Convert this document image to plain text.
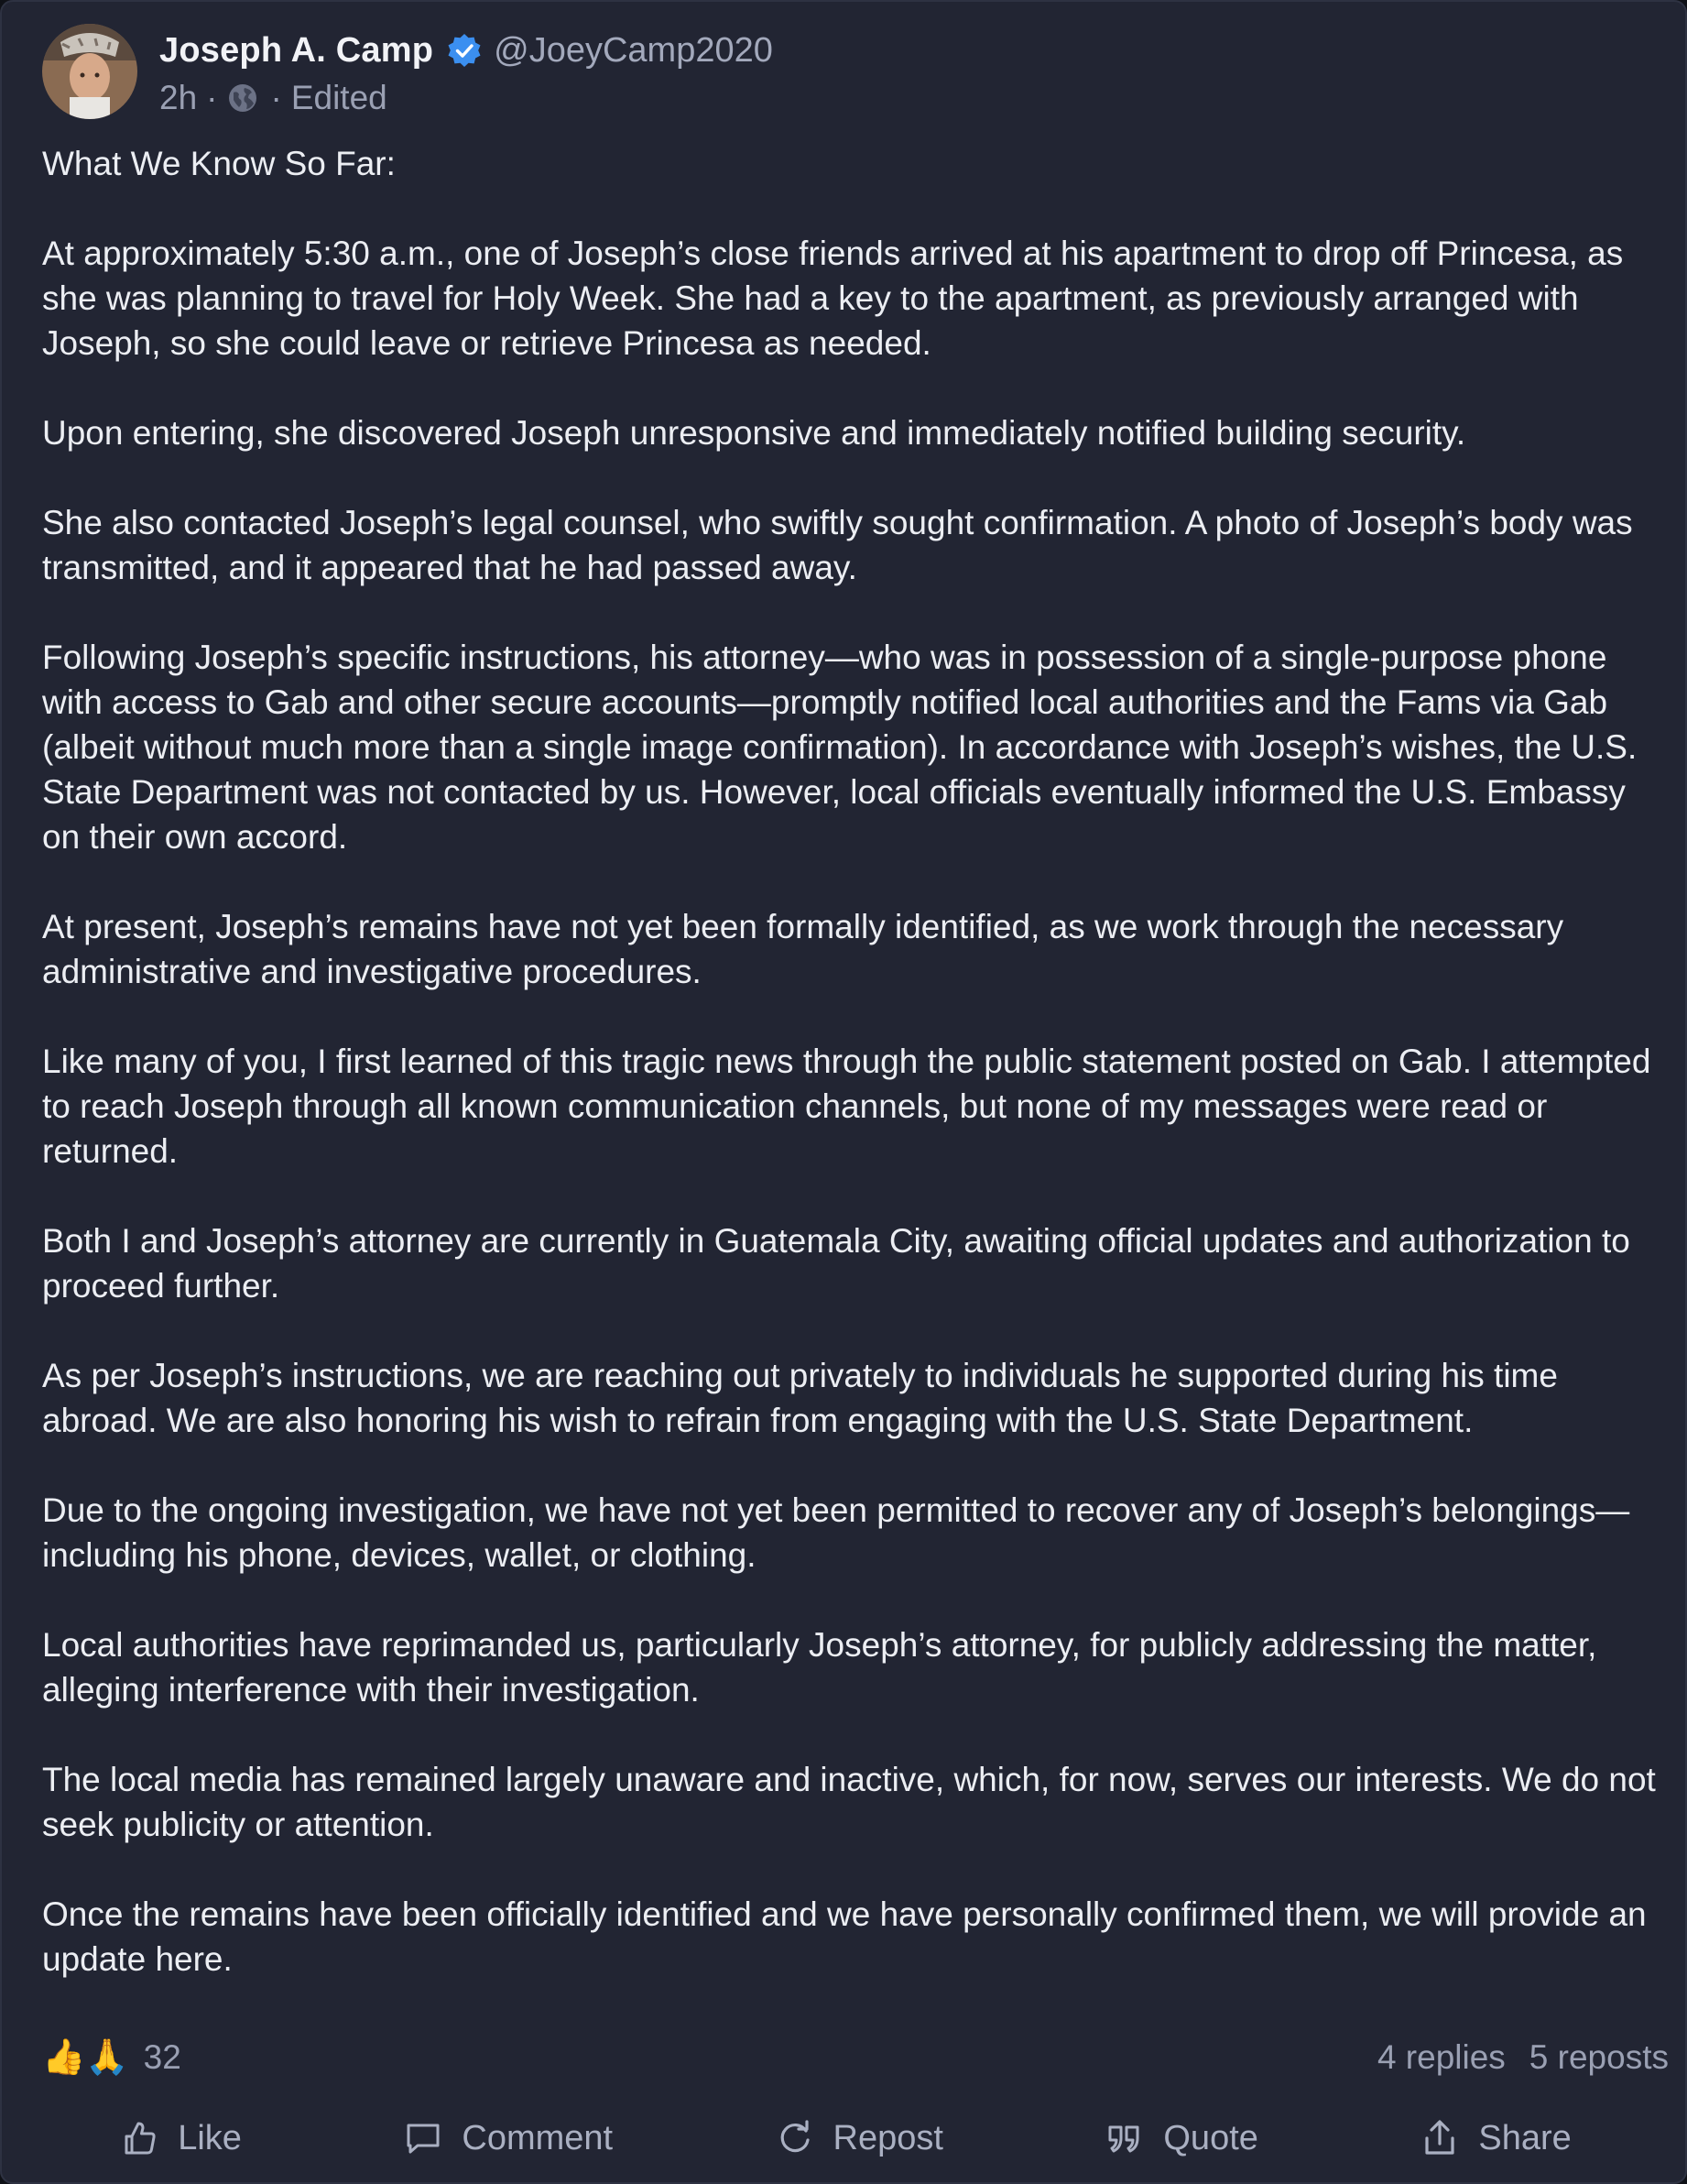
Joseph A. Camp @JoeyCamp2020
2h · · Edited

What We Know So Far:

At approximately 5:30 a.m., one of Joseph’s close friends arrived at his apartment to drop off Princesa, as she was planning to travel for Holy Week. She had a key to the apartment, as previously arranged with Joseph, so she could leave or retrieve Princesa as needed.

Upon entering, she discovered Joseph unresponsive and immediately notified building security.

She also contacted Joseph’s legal counsel, who swiftly sought confirmation. A photo of Joseph’s body was transmitted, and it appeared that he had passed away.

Following Joseph’s specific instructions, his attorney—who was in possession of a single-purpose phone with access to Gab and other secure accounts—promptly notified local authorities and the Fams via Gab (albeit without much more than a single image confirmation). In accordance with Joseph’s wishes, the U.S. State Department was not contacted by us. However, local officials eventually informed the U.S. Embassy on their own accord.

At present, Joseph’s remains have not yet been formally identified, as we work through the necessary administrative and investigative procedures.

Like many of you, I first learned of this tragic news through the public statement posted on Gab. I attempted to reach Joseph through all known communication channels, but none of my messages were read or returned.

Both I and Joseph’s attorney are currently in Guatemala City, awaiting official updates and authorization to proceed further.

As per Joseph’s instructions, we are reaching out privately to individuals he supported during his time abroad. We are also honoring his wish to refrain from engaging with the U.S. State Department.

Due to the ongoing investigation, we have not yet been permitted to recover any of Joseph’s belongings—including his phone, devices, wallet, or clothing.

Local authorities have reprimanded us, particularly Joseph’s attorney, for publicly addressing the matter, alleging interference with their investigation.

The local media has remained largely unaware and inactive, which, for now, serves our interests. We do not seek publicity or attention.

Once the remains have been officially identified and we have personally confirmed them, we will provide an update here.

👍🙏 32	4 replies 5 reposts
Like	Comment	Repost	Quote	Share
